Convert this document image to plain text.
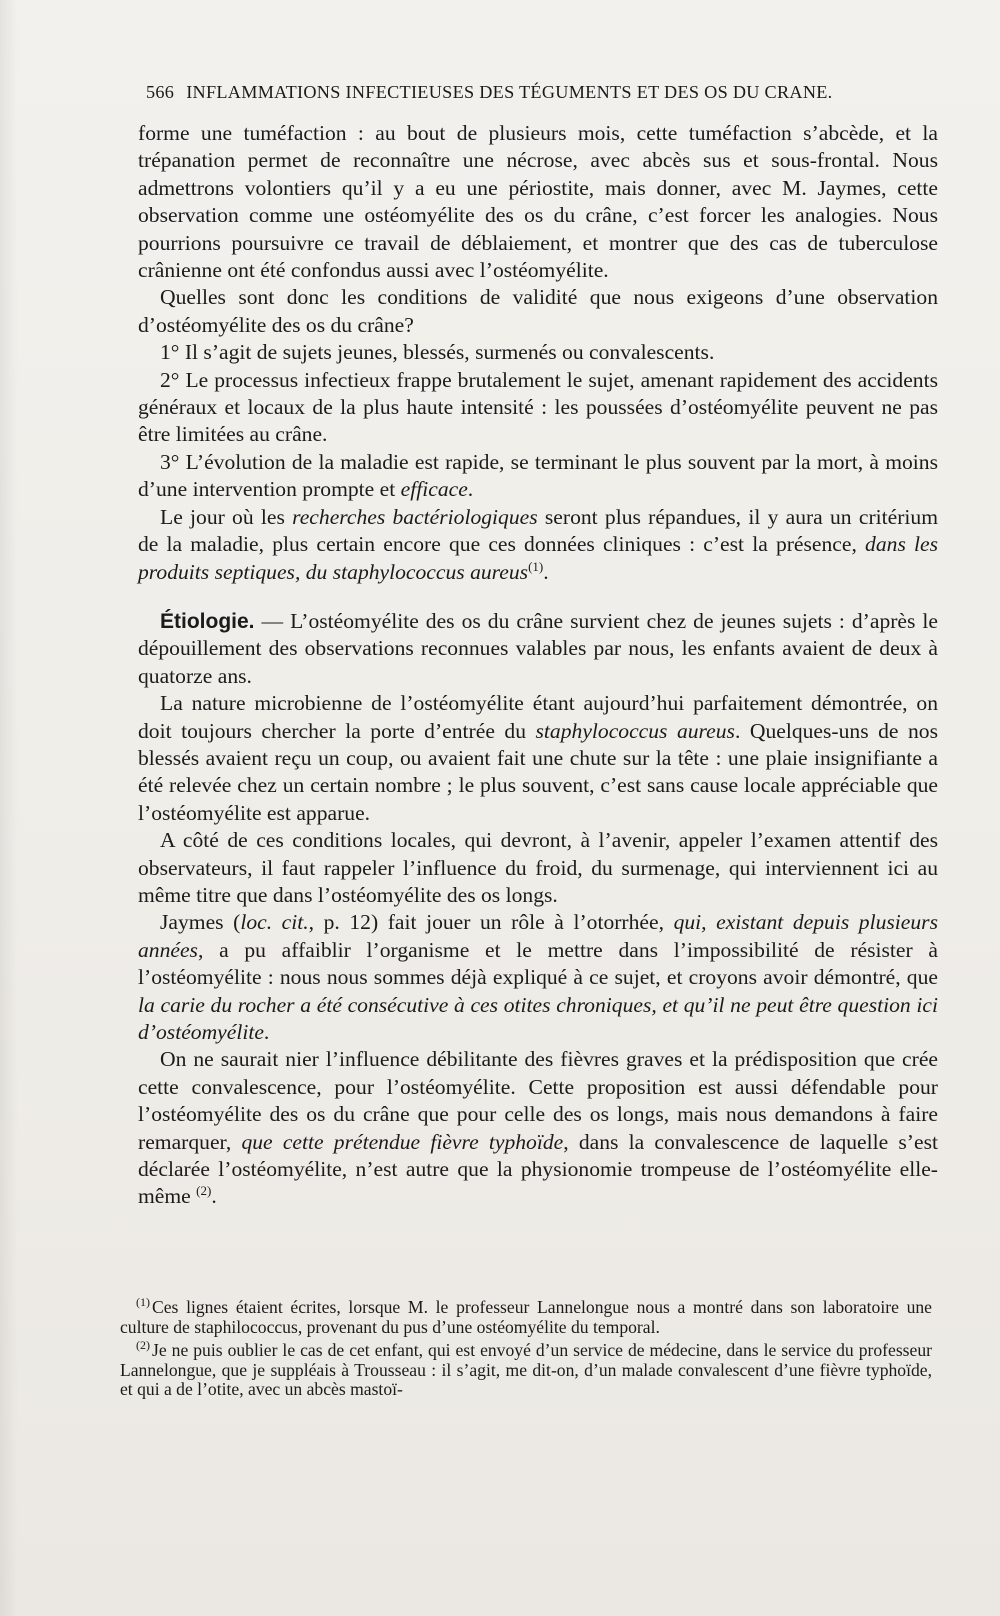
566 INFLAMMATIONS INFECTIEUSES DES TÉGUMENTS ET DES OS DU CRANE.

forme une tuméfaction : au bout de plusieurs mois, cette tuméfaction s’abcède, et la trépanation permet de reconnaître une nécrose, avec abcès sus et sous-frontal. Nous admettrons volontiers qu’il y a eu une périostite, mais donner, avec M. Jaymes, cette observation comme une ostéomyélite des os du crâne, c’est forcer les analogies. Nous pourrions poursuivre ce travail de déblaiement, et montrer que des cas de tuberculose crânienne ont été confondus aussi avec l’ostéomyélite.

Quelles sont donc les conditions de validité que nous exigeons d’une observation d’ostéomyélite des os du crâne?

1° Il s’agit de sujets jeunes, blessés, surmenés ou convalescents.

2° Le processus infectieux frappe brutalement le sujet, amenant rapidement des accidents généraux et locaux de la plus haute intensité : les poussées d’ostéomyélite peuvent ne pas être limitées au crâne.

3° L’évolution de la maladie est rapide, se terminant le plus souvent par la mort, à moins d’une intervention prompte et efficace.

Le jour où les recherches bactériologiques seront plus répandues, il y aura un critérium de la maladie, plus certain encore que ces données cliniques : c’est la présence, dans les produits septiques, du staphylococcus aureus$^{(1)}$.

Étiologie. — L’ostéomyélite des os du crâne survient chez de jeunes sujets : d’après le dépouillement des observations reconnues valables par nous, les enfants avaient de deux à quatorze ans.

La nature microbienne de l’ostéomyélite étant aujourd’hui parfaitement démontrée, on doit toujours chercher la porte d’entrée du staphylococcus aureus. Quelques-uns de nos blessés avaient reçu un coup, ou avaient fait une chute sur la tête : une plaie insignifiante a été relevée chez un certain nombre ; le plus souvent, c’est sans cause locale appréciable que l’ostéomyélite est apparue.

A côté de ces conditions locales, qui devront, à l’avenir, appeler l’examen attentif des observateurs, il faut rappeler l’influence du froid, du surmenage, qui interviennent ici au même titre que dans l’ostéomyélite des os longs.

Jaymes (loc. cit., p. 12) fait jouer un rôle à l’otorrhée, qui, existant depuis plusieurs années, a pu affaiblir l’organisme et le mettre dans l’impossibilité de résister à l’ostéomyélite : nous nous sommes déjà expliqué à ce sujet, et croyons avoir démontré, que la carie du rocher a été consécutive à ces otites chroniques, et qu’il ne peut être question ici d’ostéomyélite.

On ne saurait nier l’influence débilitante des fièvres graves et la prédisposition que crée cette convalescence, pour l’ostéomyélite. Cette proposition est aussi défendable pour l’ostéomyélite des os du crâne que pour celle des os longs, mais nous demandons à faire remarquer, que cette prétendue fièvre typhoïde, dans la convalescence de laquelle s’est déclarée l’ostéomyélite, n’est autre que la physionomie trompeuse de l’ostéomyélite elle-même $^{(2)}$.

$^{(1)}$ Ces lignes étaient écrites, lorsque M. le professeur Lannelongue nous a montré dans son laboratoire une culture de staphilococcus, provenant du pus d’une ostéomyélite du temporal.

$^{(2)}$ Je ne puis oublier le cas de cet enfant, qui est envoyé d’un service de médecine, dans le service du professeur Lannelongue, que je suppléais à Trousseau : il s’agit, me dit-on, d’un malade convalescent d’une fièvre typhoïde, et qui a de l’otite, avec un abcès mastoï-
